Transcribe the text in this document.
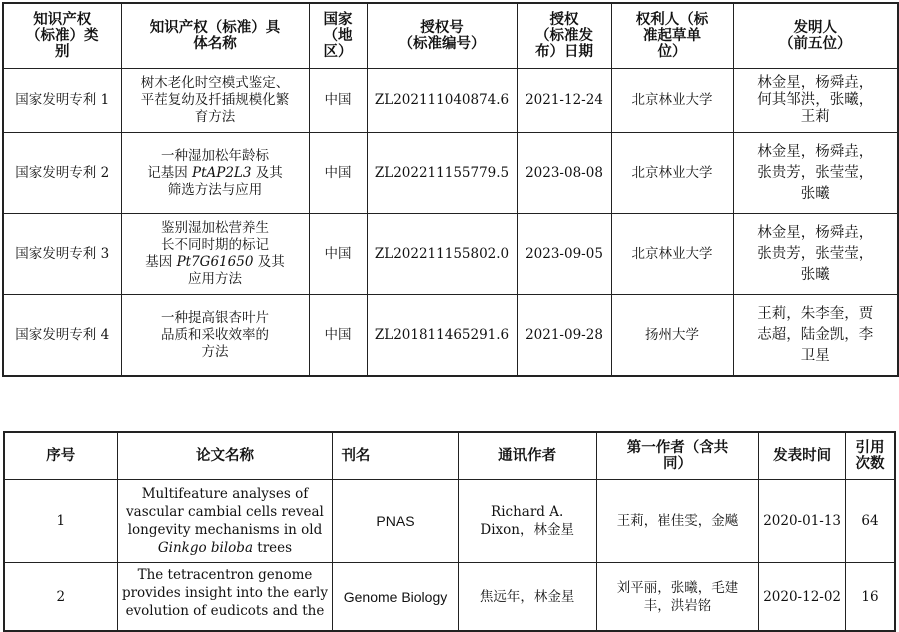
知识产权
（标准）类
别	知识产权（标准）具
体名称	国家
（地
区）	授权号
（标准编号）	授权
（标准发
布）日期	权利人（标
准起草单
位）	发明人
（前五位）
国家发明专利 1	树木老化时空模式鉴定、
平茬复幼及扦插规模化繁
育方法	中国	ZL202111040874.6	2021-12-24	北京林业大学	林金星，杨舜垚，
何其邹洪，张曦，
王莉
国家发明专利 2	一种湿加松年龄标
记基因 PtAP2L3 及其
筛选方法与应用	中国	ZL202211155779.5	2023-08-08	北京林业大学	林金星，杨舜垚，
张贵芳，张莹莹，
张曦
国家发明专利 3	鉴别湿加松营养生
长不同时期的标记
基因 Pt7G61650 及其
应用方法	中国	ZL202211155802.0	2023-09-05	北京林业大学	林金星，杨舜垚，
张贵芳，张莹莹，
张曦
国家发明专利 4	一种提高银杏叶片
品质和采收效率的
方法	中国	ZL201811465291.6	2021-09-28	扬州大学	王莉，朱李奎，贾
志超，陆金凯，李
卫星
序号	论文名称	刊名	通讯作者	第一作者（含共
同）	发表时间	引用
次数
1	Multifeature analyses of
vascular cambial cells reveal
longevity mechanisms in old
Ginkgo biloba trees	PNAS	Richard A.
Dixon，林金星	王莉，崔佳雯，金飚	2020-01-13	64
2	The tetracentron genome
provides insight into the early
evolution of eudicots and the	Genome Biology	焦远年，林金星	刘平丽，张曦，毛建
丰，洪岩铭	2020-12-02	16
